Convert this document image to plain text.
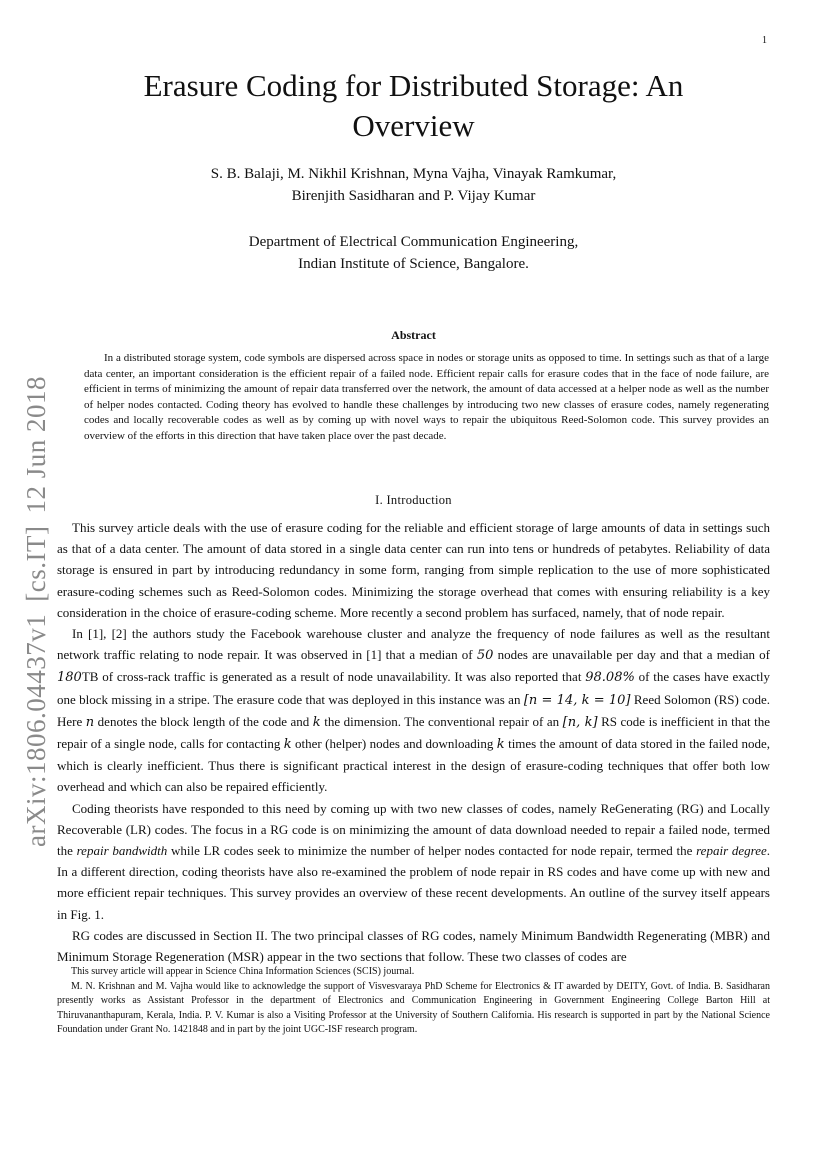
1
arXiv:1806.04437v1[cs.IT]12 Jun 2018
Erasure Coding for Distributed Storage: An
Overview
S. B. Balaji, M. Nikhil Krishnan, Myna Vajha, Vinayak Ramkumar,
Birenjith Sasidharan and P. Vijay Kumar
Department of Electrical Communication Engineering,
Indian Institute of Science, Bangalore.
Abstract

In a distributed storage system, code symbols are dispersed across space in nodes or storage units as opposed to time. In settings such as that of a large data center, an important consideration is the efficient repair of a failed node. Efficient repair calls for erasure codes that in the face of node failure, are efficient in terms of minimizing the amount of repair data transferred over the network, the amount of data accessed at a helper node as well as the number of helper nodes contacted. Coding theory has evolved to handle these challenges by introducing two new classes of erasure codes, namely regenerating codes and locally recoverable codes as well as by coming up with novel ways to repair the ubiquitous Reed-Solomon code. This survey provides an overview of the efforts in this direction that have taken place over the past decade.

I. Introduction

This survey article deals with the use of erasure coding for the reliable and efficient storage of large amounts of data in settings such as that of a data center. The amount of data stored in a single data center can run into tens or hundreds of petabytes. Reliability of data storage is ensured in part by introducing redundancy in some form, ranging from simple replication to the use of more sophisticated erasure-coding schemes such as Reed-Solomon codes. Minimizing the storage overhead that comes with ensuring reliability is a key consideration in the choice of erasure-coding scheme. More recently a second problem has surfaced, namely, that of node repair.

In [1], [2] the authors study the Facebook warehouse cluster and analyze the frequency of node failures as well as the resultant network traffic relating to node repair. It was observed in [1] that a median of 50 nodes are unavailable per day and that a median of 180TB of cross-rack traffic is generated as a result of node unavailability. It was also reported that 98.08% of the cases have exactly one block missing in a stripe. The erasure code that was deployed in this instance was an [n = 14, k = 10] Reed Solomon (RS) code. Here n denotes the block length of the code and k the dimension. The conventional repair of an [n, k] RS code is inefficient in that the repair of a single node, calls for contacting k other (helper) nodes and downloading k times the amount of data stored in the failed node, which is clearly inefficient. Thus there is significant practical interest in the design of erasure-coding techniques that offer both low overhead and which can also be repaired efficiently.

Coding theorists have responded to this need by coming up with two new classes of codes, namely ReGenerating (RG) and Locally Recoverable (LR) codes. The focus in a RG code is on minimizing the amount of data download needed to repair a failed node, termed the repair bandwidth while LR codes seek to minimize the number of helper nodes contacted for node repair, termed the repair degree. In a different direction, coding theorists have also re-examined the problem of node repair in RS codes and have come up with new and more efficient repair techniques. This survey provides an overview of these recent developments. An outline of the survey itself appears in Fig. 1.

RG codes are discussed in Section II. The two principal classes of RG codes, namely Minimum Bandwidth Regenerating (MBR) and Minimum Storage Regeneration (MSR) appear in the two sections that follow. These two classes of codes are

This survey article will appear in Science China Information Sciences (SCIS) journal.

M. N. Krishnan and M. Vajha would like to acknowledge the support of Visvesvaraya PhD Scheme for Electronics & IT awarded by DEITY, Govt. of India. B. Sasidharan presently works as Assistant Professor in the department of Electronics and Communication Engineering in Government Engineering College Barton Hill at Thiruvananthapuram, Kerala, India. P. V. Kumar is also a Visiting Professor at the University of Southern California. His research is supported in part by the National Science Foundation under Grant No. 1421848 and in part by the joint UGC-ISF research program.
